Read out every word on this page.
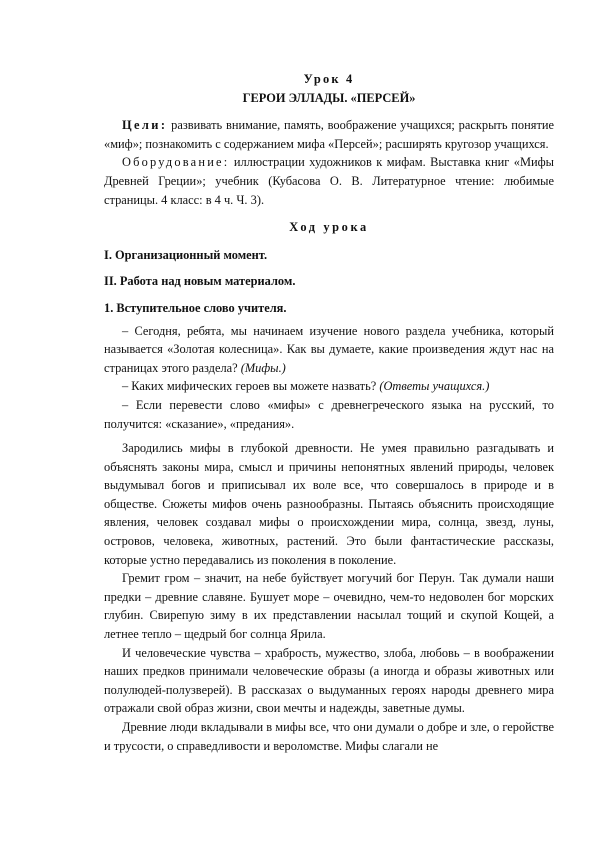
Урок 4
ГЕРОИ ЭЛЛАДЫ. «ПЕРСЕЙ»

Цели: развивать внимание, память, воображение учащихся; раскрыть понятие «миф»; познакомить с содержанием мифа «Персей»; расширять кругозор учащихся.

Оборудование: иллюстрации художников к мифам. Выставка книг «Мифы Древней Греции»; учебник (Кубасова О. В. Литературное чтение: любимые страницы. 4 класс: в 4 ч. Ч. 3).

Ход урока

I. Организационный момент.

II. Работа над новым материалом.

1. Вступительное слово учителя.

– Сегодня, ребята, мы начинаем изучение нового раздела учебника, который называется «Золотая колесница». Как вы думаете, какие произведения ждут нас на страницах этого раздела? (Мифы.)

– Каких мифических героев вы можете назвать? (Ответы учащихся.)

– Если перевести слово «мифы» с древнегреческого языка на русский, то получится: «сказание», «предания».

Зародились мифы в глубокой древности. Не умея правильно разгадывать и объяснять законы мира, смысл и причины непонятных явлений природы, человек выдумывал богов и приписывал их воле все, что совершалось в природе и в обществе. Сюжеты мифов очень разнообразны. Пытаясь объяснить происходящие явления, человек создавал мифы о происхождении мира, солнца, звезд, луны, островов, человека, животных, растений. Это были фантастические рассказы, которые устно передавались из поколения в поколение.

Гремит гром – значит, на небе буйствует могучий бог Перун. Так думали наши предки – древние славяне. Бушует море – очевидно, чем-то недоволен бог морских глубин. Свирепую зиму в их представлении насылал тощий и скупой Кощей, а летнее тепло – щедрый бог солнца Ярила.

И человеческие чувства – храбрость, мужество, злоба, любовь – в воображении наших предков принимали человеческие образы (а иногда и образы животных или полулюдей-полузверей). В рассказах о выдуманных героях народы древнего мира отражали свой образ жизни, свои мечты и надежды, заветные думы.

Древние люди вкладывали в мифы все, что они думали о добре и зле, о геройстве и трусости, о справедливости и вероломстве. Мифы слагали не
